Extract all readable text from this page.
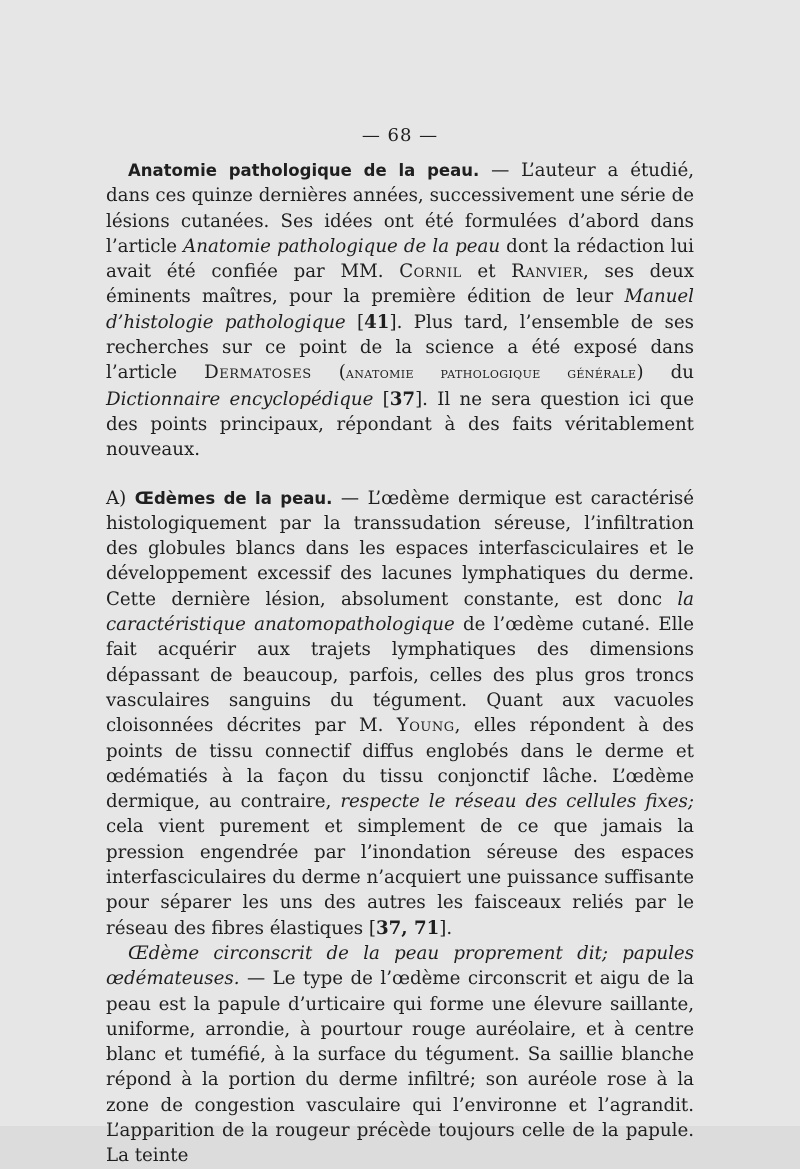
— 68 —

Anatomie pathologique de la peau. — L’auteur a étudié, dans ces quinze dernières années, successivement une série de lésions cutanées. Ses idées ont été formulées d’abord dans l’article Anatomie pathologique de la peau dont la rédaction lui avait été confiée par MM. Cornil et Ranvier, ses deux éminents maîtres, pour la première édition de leur Manuel d’histologie pathologique [41]. Plus tard, l’ensemble de ses recherches sur ce point de la science a été exposé dans l’article Dermatoses (anatomie pathologique générale) du Dictionnaire encyclopédique [37]. Il ne sera question ici que des points principaux, répondant à des faits véritablement nouveaux.

A) Œdèmes de la peau. — L’œdème dermique est caractérisé histologiquement par la transsudation séreuse, l’infiltration des globules blancs dans les espaces interfasciculaires et le développement excessif des lacunes lymphatiques du derme. Cette dernière lésion, absolument constante, est donc la caractéristique anatomopathologique de l’œdème cutané. Elle fait acquérir aux trajets lymphatiques des dimensions dépassant de beaucoup, parfois, celles des plus gros troncs vasculaires sanguins du tégument. Quant aux vacuoles cloisonnées décrites par M. Young, elles répondent à des points de tissu connectif diffus englobés dans le derme et œdématiés à la façon du tissu conjonctif lâche. L’œdème dermique, au contraire, respecte le réseau des cellules fixes; cela vient purement et simplement de ce que jamais la pression engendrée par l’inondation séreuse des espaces interfasciculaires du derme n’acquiert une puissance suffisante pour séparer les uns des autres les faisceaux reliés par le réseau des fibres élastiques [37, 71].

Œdème circonscrit de la peau proprement dit; papules œdémateuses. — Le type de l’œdème circonscrit et aigu de la peau est la papule d’urticaire qui forme une élevure saillante, uniforme, arrondie, à pourtour rouge auréolaire, et à centre blanc et tuméfié, à la surface du tégument. Sa saillie blanche répond à la portion du derme infiltré; son auréole rose à la zone de congestion vasculaire qui l’environne et l’agrandit. L’apparition de la rougeur précède toujours celle de la papule. La teinte
